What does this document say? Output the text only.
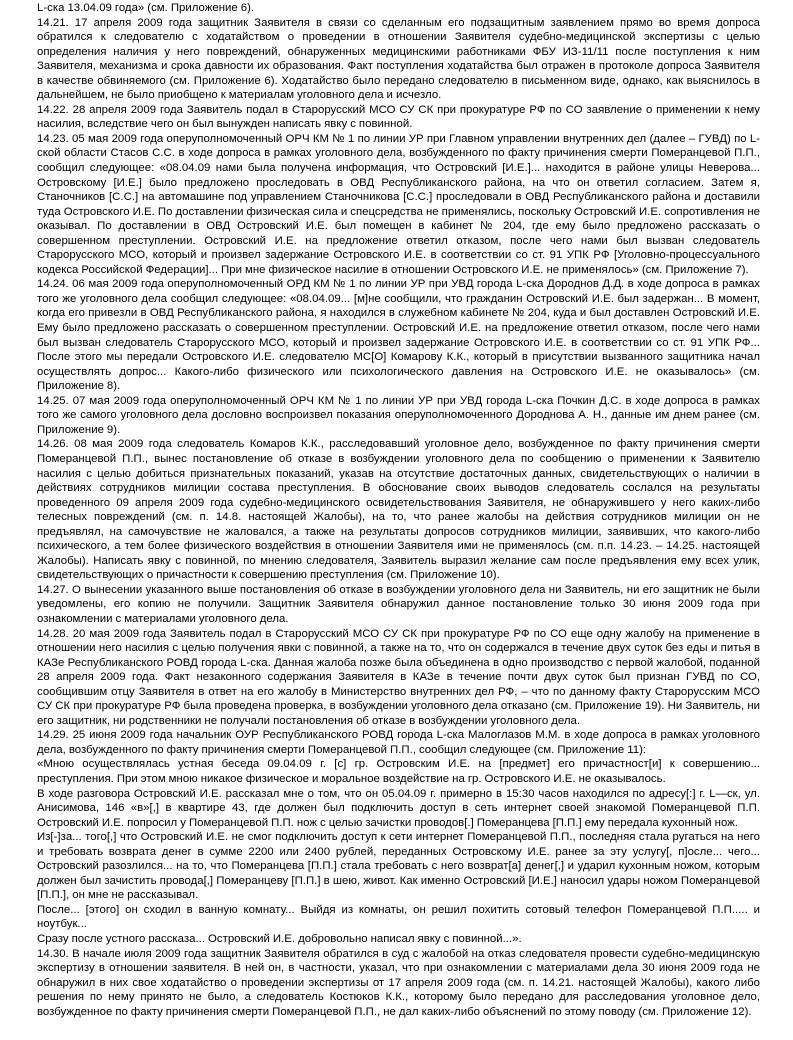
L-ска 13.04.09 года» (см. Приложение 6).

14.21. 17 апреля 2009 года защитник Заявителя в связи со сделанным его подзащитным заявлением прямо во время допроса обратился к следователю с ходатайством о проведении в отношении Заявителя судебно-медицинской экспертизы с целью определения наличия у него повреждений, обнаруженных медицинскими работниками ФБУ ИЗ-11/11 после поступления к ним Заявителя, механизма и срока давности их образования. Факт поступления ходатайства был отражен в протоколе допроса Заявителя в качестве обвиняемого (см. Приложение 6). Ходатайство было передано следователю в письменном виде, однако, как выяснилось в дальнейшем, не было приобщено к материалам уголовного дела и исчезло.

14.22. 28 апреля 2009 года Заявитель подал в Старорусский МСО СУ СК при прокуратуре РФ по СО заявление о применении к нему насилия, вследствие чего он был вынужден написать явку с повинной.

14.23. 05 мая 2009 года оперуполномоченный ОРЧ КМ № 1 по линии УР при Главном управлении внутренних дел (далее – ГУВД) по L-ской области Стасов С.С. в ходе допроса в рамках уголовного дела, возбужденного по факту причинения смерти Померанцевой П.П., сообщил следующее: «08.04.09 нами была получена информация, что Островский [И.Е.]... находится в районе улицы Неверова... Островскому [И.Е.] было предложено проследовать в ОВД Республиканского района, на что он ответил согласием. Затем я, Станочников [С.С.] на автомашине под управлением Станочникова [С.С.] проследовали в ОВД Республиканского района и доставили туда Островского И.Е. По доставлении физическая сила и спецсредства не применялись, поскольку Островский И.Е. сопротивления не оказывал. По доставлении в ОВД Островский И.Е. был помещен в кабинет № 204, где ему было предложено рассказать о совершенном преступлении. Островский И.Е. на предложение ответил отказом, после чего нами был вызван следователь Старорусского МСО, который и произвел задержание Островского И.Е. в соответствии со ст. 91 УПК РФ [Уголовно-процессуального кодекса Российской Федерации]... При мне физическое насилие в отношении Островского И.Е. не применялось» (см. Приложение 7).

14.24. 06 мая 2009 года оперуполномоченный ОРД КМ № 1 по линии УР при УВД города L-ска Дороднов Д.Д. в ходе допроса в рамках того же уголовного дела сообщил следующее: «08.04.09... [м]не сообщили, что гражданин Островский И.Е. был задержан... В момент, когда его привезли в ОВД Республиканского района, я находился в служебном кабинете № 204, куда и был доставлен Островский И.Е. Ему было предложено рассказать о совершенном преступлении. Островский И.Е. на предложение ответил отказом, после чего нами был вызван следователь Старорусского МСО, который и произвел задержание Островского И.Е. в соответствии со ст. 91 УПК РФ... После этого мы передали Островского И.Е. следователю МС[О] Комарову К.К., который в присутствии вызванного защитника начал осуществлять допрос... Какого-либо физического или психологического давления на Островского И.Е. не оказывалось» (см. Приложение 8).

14.25. 07 мая 2009 года оперуполномоченный ОРЧ КМ № 1 по линии УР при УВД города L-ска Почкин Д.С. в ходе допроса в рамках того же самого уголовного дела дословно воспроизвел показания оперуполномоченного Дороднова А. Н., данные им днем ранее (см. Приложение 9).

14.26. 08 мая 2009 года следователь Комаров К.К., расследовавший уголовное дело, возбужденное по факту причинения смерти Померанцевой П.П., вынес постановление об отказе в возбуждении уголовного дела по сообщению о применении к Заявителю насилия с целью добиться признательных показаний, указав на отсутствие достаточных данных, свидетельствующих о наличии в действиях сотрудников милиции состава преступления. В обоснование своих выводов следователь сослался на результаты проведенного 09 апреля 2009 года судебно-медицинского освидетельствования Заявителя, не обнаружившего у него каких-либо телесных повреждений (см. п. 14.8. настоящей Жалобы), на то, что ранее жалобы на действия сотрудников милиции он не предъявлял, на самочувствие не жаловался, а также на результаты допросов сотрудников милиции, заявивших, что какого-либо психического, а тем более физического воздействия в отношении Заявителя ими не применялось (см. п.п. 14.23. – 14.25. настоящей Жалобы). Написать явку с повинной, по мнению следователя, Заявитель выразил желание сам после предъявления ему всех улик, свидетельствующих о причастности к совершению преступления (см. Приложение 10).

14.27. О вынесении указанного выше постановления об отказе в возбуждении уголовного дела ни Заявитель, ни его защитник не были уведомлены, его копию не получили. Защитник Заявителя обнаружил данное постановление только 30 июня 2009 года при ознакомлении с материалами уголовного дела.

14.28. 20 мая 2009 года Заявитель подал в Старорусский МСО СУ СК при прокуратуре РФ по СО еще одну жалобу на применение в отношении него насилия с целью получения явки с повинной, а также на то, что он содержался в течение двух суток без еды и питья в КАЗе Республиканского РОВД города L-ска. Данная жалоба позже была объединена в одно производство с первой жалобой, поданной 28 апреля 2009 года. Факт незаконного содержания Заявителя в КАЗе в течение почти двух суток был признан ГУВД по СО, сообщившим отцу Заявителя в ответ на его жалобу в Министерство внутренних дел РФ, – что по данному факту Старорусским МСО СУ СК при прокуратуре РФ была проведена проверка, в возбуждении уголовного дела отказано (см. Приложение 19). Ни Заявитель, ни его защитник, ни родственники не получали постановления об отказе в возбуждении уголовного дела.

14.29. 25 июня 2009 года начальник ОУР Республиканского РОВД города L-ска Малоглазов М.М. в ходе допроса в рамках уголовного дела, возбужденного по факту причинения смерти Померанцевой П.П., сообщил следующее (см. Приложение 11):

«Мною осуществлялась устная беседа 09.04.09 г. [с] гр. Островским И.Е. на [предмет] его причастност[и] к совершению... преступления. При этом мною никакое физическое и моральное воздействие на гр. Островского И.Е. не оказывалось.

В ходе разговора Островский И.Е. рассказал мне о том, что он 05.04.09 г. примерно в 15:30 часов находился по адресу[:] г. L—ск, ул. Анисимова, 146 «в»[,] в квартире 43, где должен был подключить доступ в сеть интернет своей знакомой Померанцевой П.П. Островский И.Е. попросил у Померанцевой П.П. нож с целью зачистки проводов[.] Померанцева [П.П.] ему передала кухонный нож.

Из[-]за... того[,] что Островский И.Е. не смог подключить доступ к сети интернет Померанцевой П.П., последняя стала ругаться на него и требовать возврата денег в сумме 2200 или 2400 рублей, переданных Островскому И.Е. ранее за эту услугу[, п]осле... чего... Островский разозлился... на то, что Померанцева [П.П.] стала требовать с него возврат[а] денег[,] и ударил кухонным ножом, которым должен был зачистить провода[,] Померанцеву [П.П.] в шею, живот. Как именно Островский [И.Е.] наносил удары ножом Померанцевой [П.П.], он мне не рассказывал.

После... [этого] он сходил в ванную комнату... Выйдя из комнаты, он решил похитить сотовый телефон Померанцевой П.П..... и ноутбук...

Сразу после устного рассказа... Островский И.Е. добровольно написал явку с повинной...».

14.30. В начале июля 2009 года защитник Заявителя обратился в суд с жалобой на отказ следователя провести судебно-медицинскую экспертизу в отношении заявителя. В ней он, в частности, указал, что при ознакомлении с материалами дела 30 июня 2009 года не обнаружил в них свое ходатайство о проведении экспертизы от 17 апреля 2009 года (см. п. 14.21. настоящей Жалобы), какого либо решения по нему принято не было, а следователь Костюков К.К., которому было передано для расследования уголовное дело, возбужденное по факту причинения смерти Померанцевой П.П., не дал каких-либо объяснений по этому поводу (см. Приложение 12).
